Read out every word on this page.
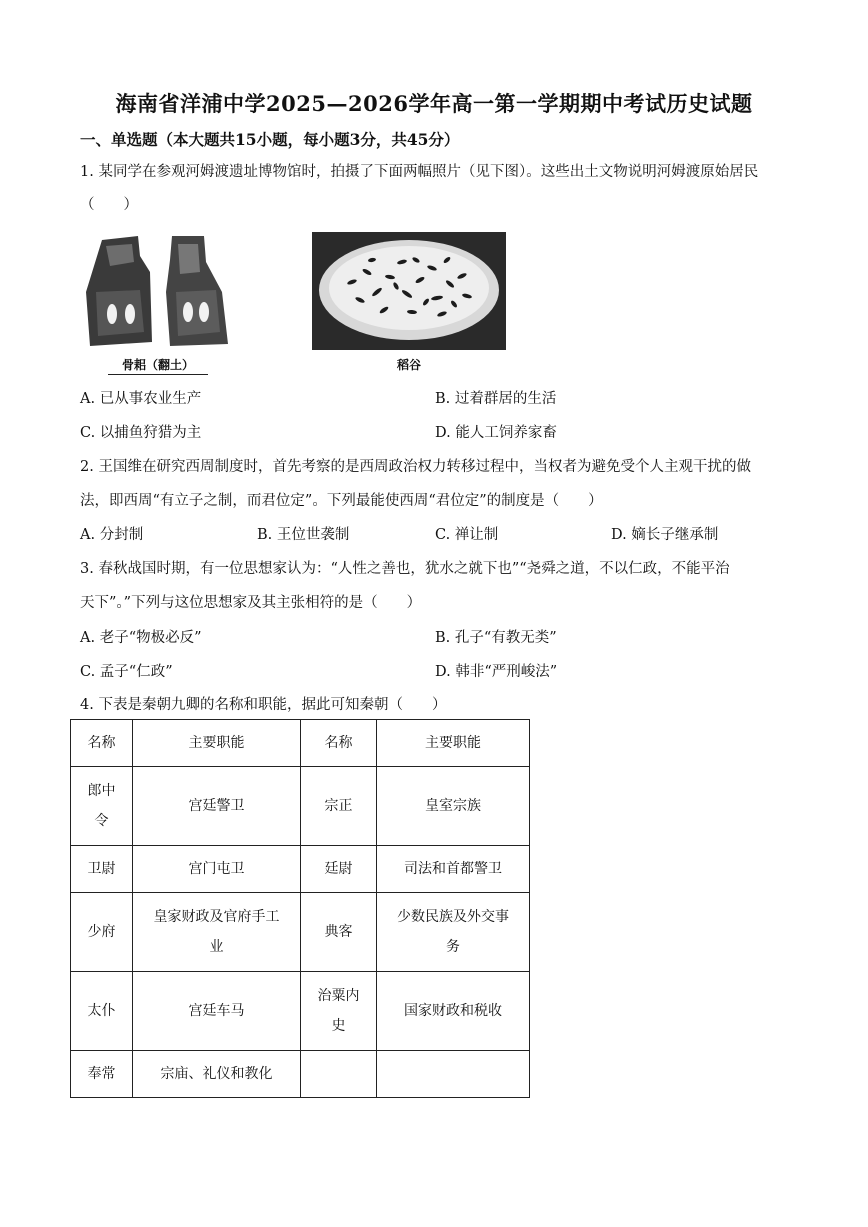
海南省洋浦中学2025—2026学年高一第一学期期中考试历史试题
一、单选题（本大题共15小题，每小题3分，共45分）
1. 某同学在参观河姆渡遗址博物馆时，拍摄了下面两幅照片（见下图）。这些出土文物说明河姆渡原始居民
（　　）
骨耜（翻土）	稻谷
A. 已从事农业生产	B. 过着群居的生活
C. 以捕鱼狩猎为主	D. 能人工饲养家畜
2. 王国维在研究西周制度时，首先考察的是西周政治权力转移过程中，当权者为避免受个人主观干扰的做
法，即西周“有立子之制，而君位定”。下列最能使西周“君位定”的制度是（　　）
A. 分封制	B. 王位世袭制	C. 禅让制	D. 嫡长子继承制
3. 春秋战国时期，有一位思想家认为：“人性之善也，犹水之就下也”“尧舜之道，不以仁政，不能平治
天下”。”下列与这位思想家及其主张相符的是（　　）
A. 老子“物极必反”	B. 孔子“有教无类”
C. 孟子“仁政”	D. 韩非“严刑峻法”
4. 下表是秦朝九卿的名称和职能，据此可知秦朝（　　）
名称	主要职能	名称	主要职能
郎中令	宫廷警卫	宗正	皇室宗族
卫尉	宫门屯卫	廷尉	司法和首都警卫
少府	皇家财政及官府手工业	典客	少数民族及外交事务
太仆	宫廷车马	治粟内史	国家财政和税收
奉常	宗庙、礼仪和教化		
